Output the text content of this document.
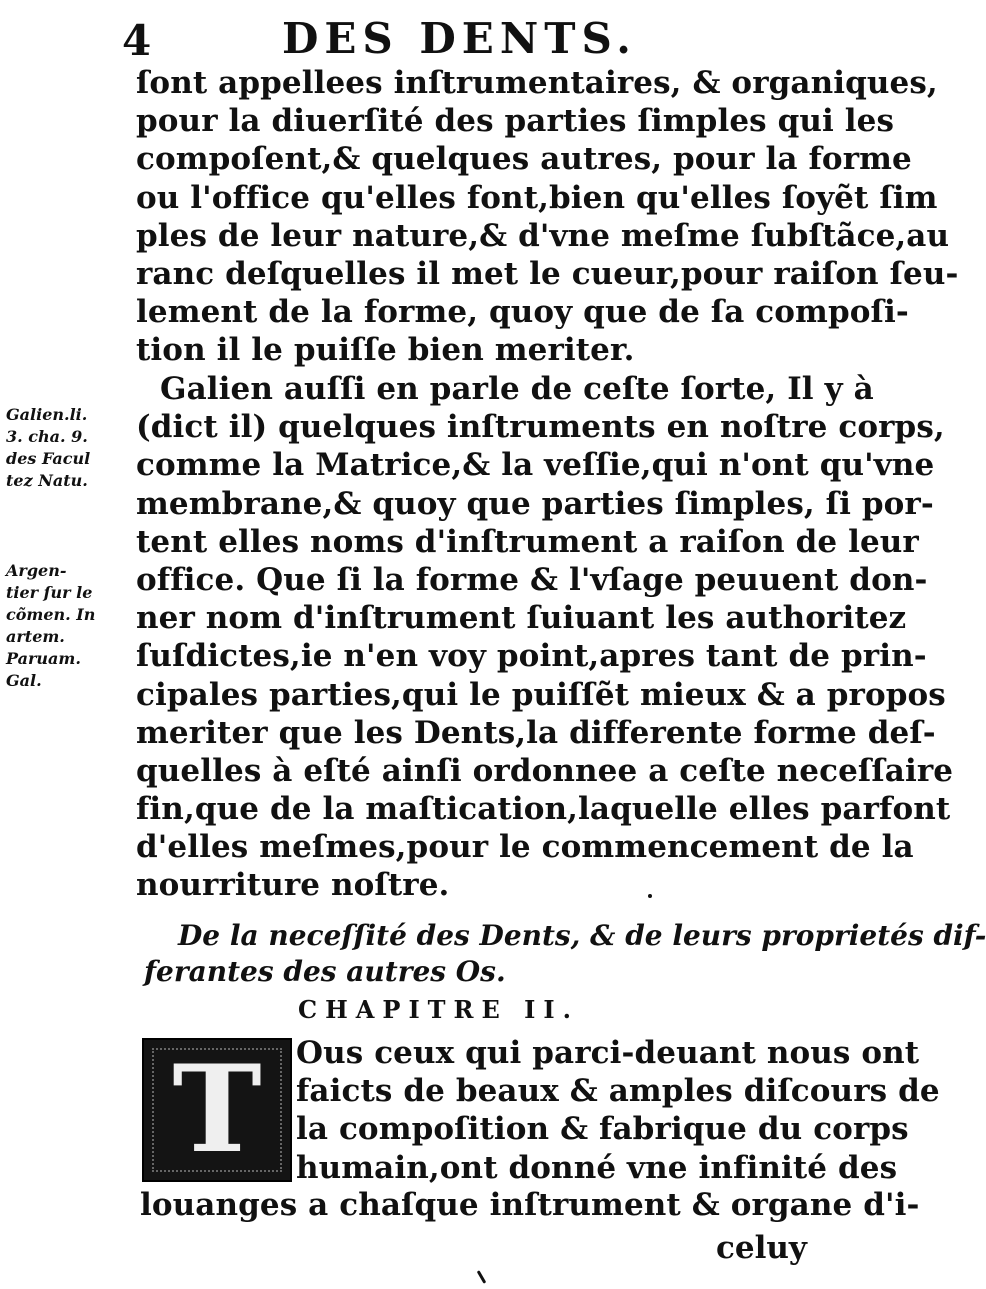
4	DES DENTS.
ſont appellees inſtrumentaires, & organiques,
pour la diuerſité des parties ſimples qui les
compoſent,& quelques autres, pour la forme
ou l'office qu'elles font,bien qu'elles ſoyẽt ſim
ples de leur nature,& d'vne meſme ſubſtãce,au
ranc deſquelles il met le cueur,pour raiſon ſeu-
lement de la forme, quoy que de ſa compoſi-
tion il le puiſſe bien meriter.
Galien auſſi en parle de ceſte ſorte, Il y à
(dict il) quelques inſtruments en noſtre corps,
comme la Matrice,& la veſſie,qui n'ont qu'vne
membrane,& quoy que parties ſimples, ſi por-
tent elles noms d'inſtrument a raiſon de leur
office. Que ſi la forme & l'vſage peuuent don-
ner nom d'inſtrument ſuiuant les authoritez
ſuſdictes,ie n'en voy point,apres tant de prin-
cipales parties,qui le puiſſẽt mieux & a propos
meriter que les Dents,la differente forme deſ-
quelles à eſté ainſi ordonnee a ceſte neceſſaire
fin,que de la maſtication,laquelle elles parfont
d'elles meſmes,pour le commencement de la
nourriture noſtre.
Galien.li.
3. cha. 9.
des Facul
tez Natu.
Argen-
tier ſur le
cõmen. In
artem.
Paruam.
Gal.
De la neceſſité des Dents, & de leurs proprietés dif-
ferantes des autres Os.
CHAPITRE II.
T	Ous ceux qui parci-deuant nous ont
faicts de beaux & amples diſcours de
la compoſition & fabrique du corps
humain,ont donné vne infinité des
louanges a chaſque inſtrument & organe d'i-
celuy
